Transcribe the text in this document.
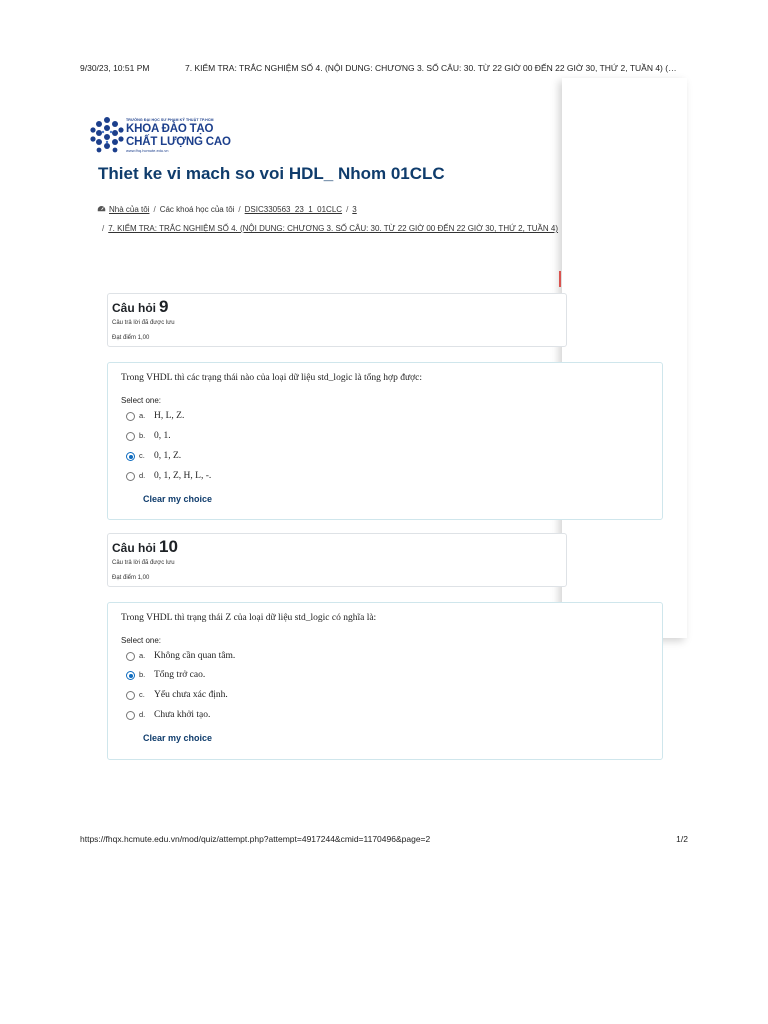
9/30/23, 10:51 PM	7. KIỂM TRA: TRẮC NGHIỆM SỐ 4. (NỘI DUNG: CHƯƠNG 3. SỐ CÂU: 30. TỪ 22 GIỜ 00 ĐẾN 22 GIỜ 30, THỨ 2, TUẦN 4) (…
TRƯỜNG ĐẠI HỌC SƯ PHẠM KỸ THUẬT TP.HCM
KHOA ĐÀO TẠO
CHẤT LƯỢNG CAO
www.fhq.hcmute.edu.vn
Thiet ke vi mach so voi HDL_ Nhom 01CLC
Nhà của tôi / Các khoá học của tôi / DSIC330563_23_1_01CLC / 3
/ 7. KIỂM TRA: TRẮC NGHIỆM SỐ 4. (NỘI DUNG: CHƯƠNG 3. SỐ CÂU: 30. TỪ 22 GIỜ 00 ĐẾN 22 GIỜ 30, THỨ 2, TUẦN 4)
Câu hỏi 9
Câu trả lời đã được lưu
Đạt điểm 1,00
Trong VHDL thì các trạng thái nào của loại dữ liệu std_logic là tổng hợp được:
Select one:
a. H, L, Z.
b. 0, 1.
c. 0, 1, Z.
d. 0, 1, Z, H, L, -.
Clear my choice
Câu hỏi 10
Câu trả lời đã được lưu
Đạt điểm 1,00
Trong VHDL thì trạng thái Z của loại dữ liệu std_logic có nghĩa là:
Select one:
a. Không cần quan tâm.
b. Tổng trở cao.
c. Yếu chưa xác định.
d. Chưa khởi tạo.
Clear my choice
https://fhqx.hcmute.edu.vn/mod/quiz/attempt.php?attempt=4917244&cmid=1170496&page=2	1/2
